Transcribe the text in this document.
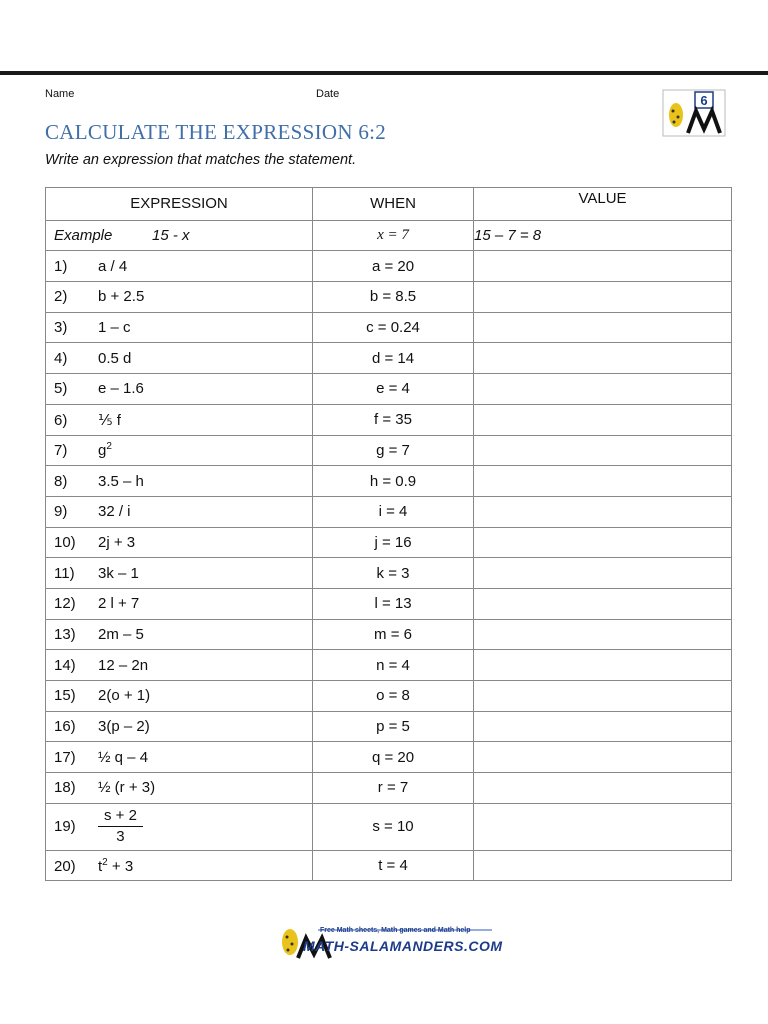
Name	Date	6
CALCULATE THE EXPRESSION 6:2
Write an expression that matches the statement.
EXPRESSION	WHEN	VALUE
Example 15 - x	x = 7	15 – 7 = 8
1) a / 4	a = 20	
2) b + 2.5	b = 8.5	
3) 1 – c	c = 0.24	
4) 0.5 d	d = 14	
5) e – 1.6	e = 4	
6) ⅕ f	f = 35	
7) $g^2$	g = 7	
8) 3.5 – h	h = 0.9	
9) 32 / i	i = 4	
10) 2j + 3	j = 16	
11) 3k – 1	k = 3	
12) 2 l + 7	l = 13	
13) 2m – 5	m = 6	
14) 12 – 2n	n = 4	
15) 2(o + 1)	o = 8	
16) 3(p – 2)	p = 5	
17) ½ q – 4	q = 20	
18) ½ (r + 3)	r = 7	
$19) \frac{s + 2}{3}$	s = 10	
20) $t^2 + 3$	t = 4	
Free Math sheets, Math games and Math help
MATH-SALAMANDERS.COM
